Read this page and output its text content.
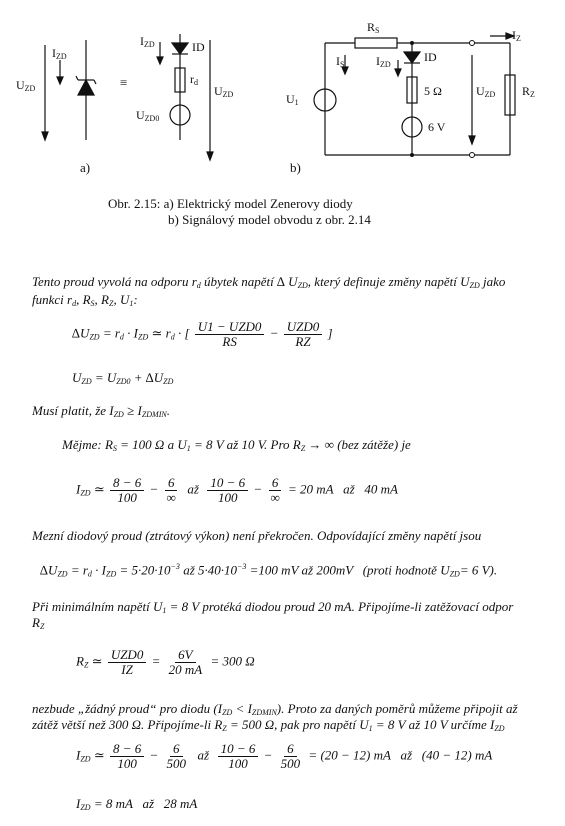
$U_{ZD}$
$I_{ZD}$
≡
$I_{ZD}$	ID
$r_d$
$U_{ZD0}$
$U_{ZD}$
a)
$R_S$	$I_Z$
$I_S$	$I_{ZD}$
ID
5 Ω
6 V
$U_1$
$U_{ZD}$ $R_Z$
b)
Obr. 2.15: a) Elektrický model Zenerovy diody
b) Signálový model obvodu z obr. 2.14
Tento proud vyvolá na odporu $r_d$ úbytek napětí ∆ $U_{ZD}$, který definuje změny napětí $U_{ZD}$ jako
funkci $r_d$, $R_S$, $R_Z$, $U_1$:
$\Delta U_{ZD} = r_d \cdot I_{ZD}$ ≃ $r_d$ · [ $\frac{\text{U1 − UZD0}}{RS} - \frac{\text{UZD0}}{RZ}$ ]
$U_{ZD} = U_{ZD0} + \Delta U_{ZD}$
Musí platit, že $I_{ZD} \ge I_{ZDMIN}$.
Mějme: $R_S = 100$ Ω a $U_1 = 8$ V až 10 V. Pro $R_Z$ → ∞ (bez zátěže) je
$I_{ZD}$ ≃ $\frac{8 - 6}{100} - \frac{6}{\infty}$ až $\frac{10 - 6}{100} - \frac{6}{\infty} = 20$ mA až 40 mA
Mezní diodový proud (ztrátový výkon) není překročen. Odpovídající změny napětí jsou
$\Delta U_{ZD} = r_d \cdot I_{ZD} = 5\cdot 20\cdot 10^{-3}$ až $5\cdot 40\cdot 10^{-3} =100$ mV až 200mV (proti hodnotě $U_{ZD}= 6$ V).
Při minimálním napětí $U_1 = 8$ V protéká diodou proud 20 mA. Připojíme-li zatěžovací odpor
$R_Z$
$R_Z$ ≃ $\frac{\text{UZD0}}{IZ} = \frac{6V}{20 mA} = 300$ Ω
nezbude „žádný proud“ pro diodu $(I_{ZD} < I_{ZDMIN})$. Proto za daných poměrů můžeme připojit až
zátěž větší než 300 Ω. Připojíme-li $R_Z = 500$ Ω, pak pro napětí $U_1 = 8$ V až 10 V určíme $I_{ZD}$
$I_{ZD}$ ≃ $\frac{8 - 6}{100} - \frac{6}{500}$ až $\frac{10 - 6}{100} - \frac{6}{500} = (20 - 12)$ mA až (40 − 12) mA
$I_{ZD} = 8$ mA až 28 mA
